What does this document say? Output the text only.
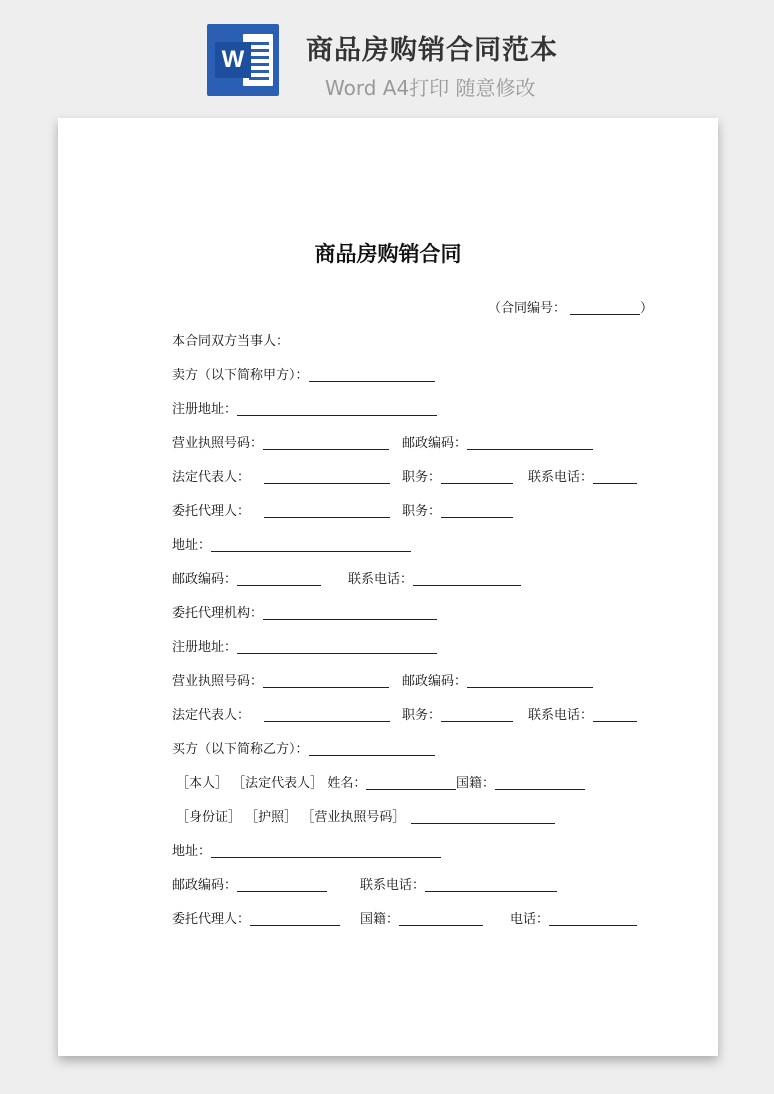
W 商品房购销合同范本
Word A4打印 随意修改
​
商品房购销合同
（合同编号：	）
本合同双方当事人：
卖方（以下简称甲方）：
注册地址：
营业执照号码：	邮政编码：
法定代表人：	职务：	联系电话：
委托代理人：	职务：
地址：
邮政编码：	联系电话：
委托代理机构：
注册地址：
营业执照号码：	邮政编码：
法定代表人：	职务：	联系电话：
买方（以下简称乙方）：
［本人］ ［法定代表人］ 姓名：	国籍：
［身份证］ ［护照］ ［营业执照号码］
地址：
邮政编码：	联系电话：
委托代理人：	国籍：	电话：
